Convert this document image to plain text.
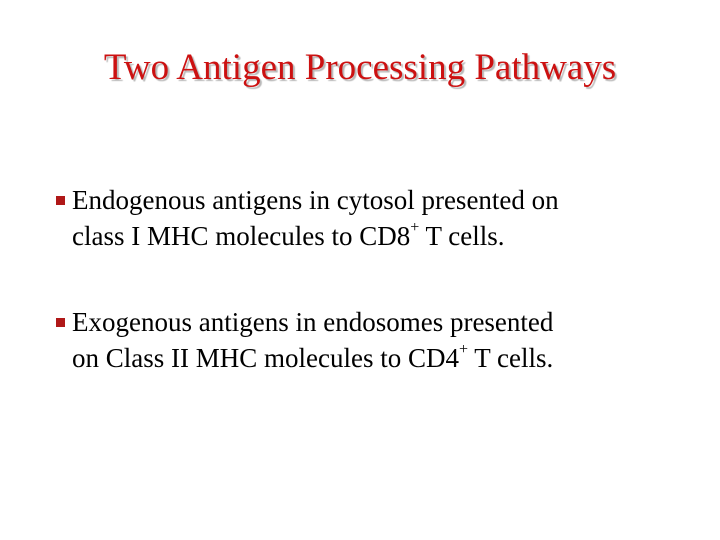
Two Antigen Processing Pathways
Endogenous antigens in cytosol presented on
class I MHC molecules to CD8+ T cells.
Exogenous antigens in endosomes presented
on Class II MHC molecules to CD4+ T cells.
